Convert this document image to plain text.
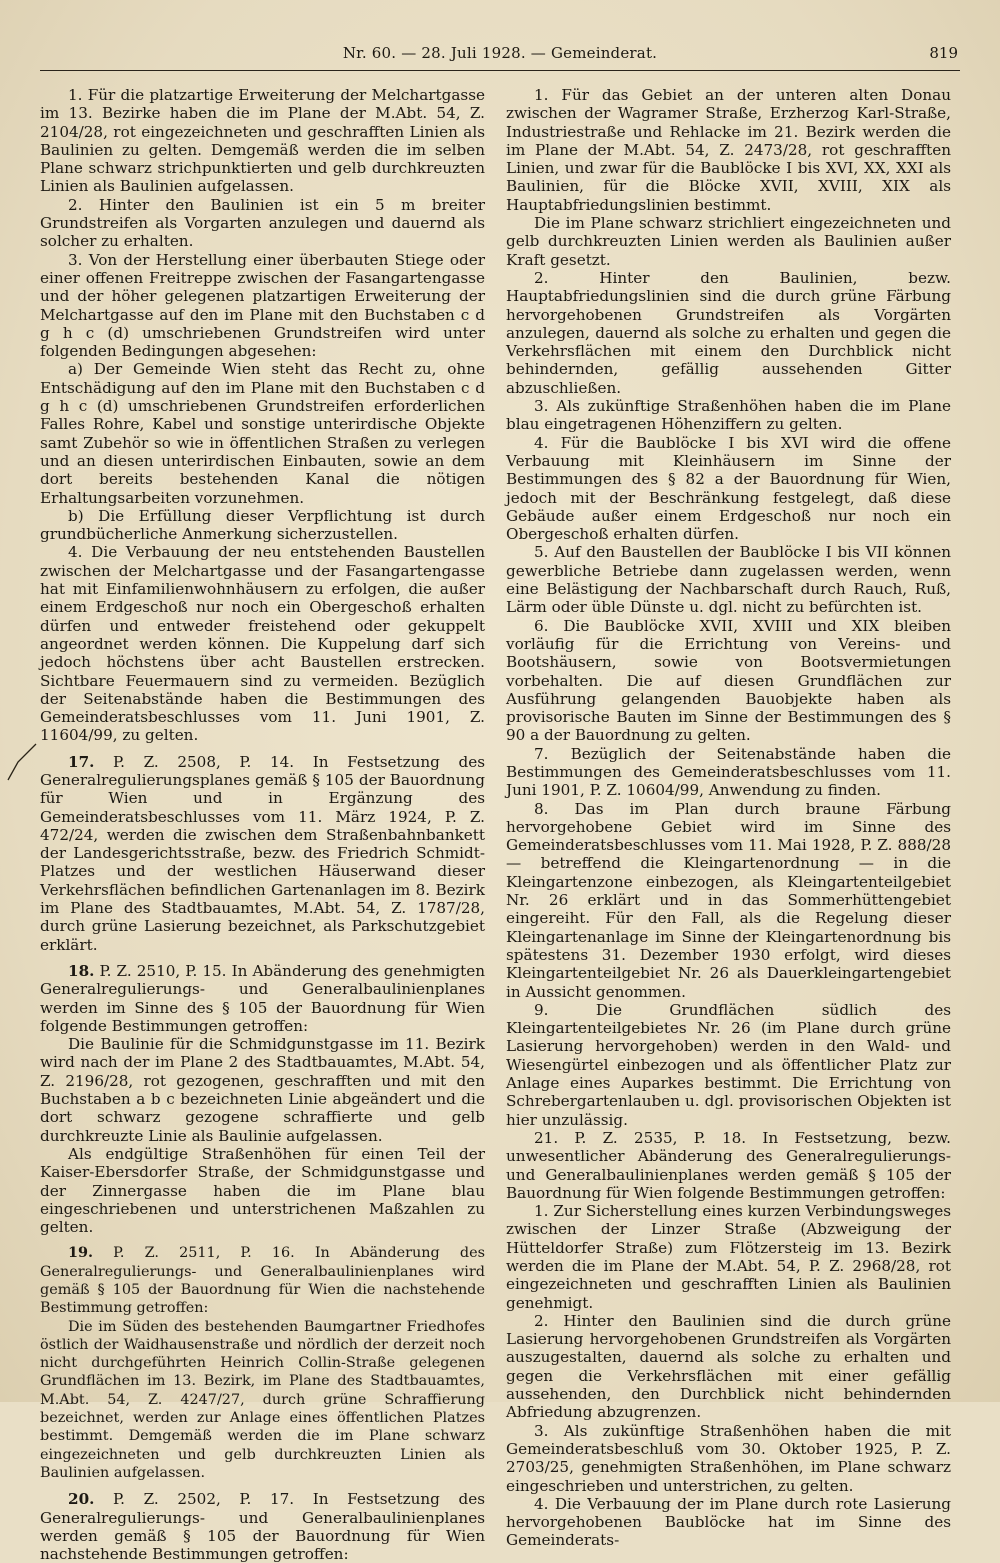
Nr. 60. — 28. Juli 1928. — Gemeinderat.	819

1. Für die platzartige Erweiterung der Melchartgasse im 13. Bezirke haben die im Plane der M.Abt. 54, Z. 2104/28, rot eingezeichneten und geschrafften Linien als Baulinien zu gelten. Demgemäß werden die im selben Plane schwarz strichpunktierten und gelb durchkreuzten Linien als Baulinien aufgelassen.

2. Hinter den Baulinien ist ein 5 m breiter Grundstreifen als Vorgarten anzulegen und dauernd als solcher zu erhalten.

3. Von der Herstellung einer überbauten Stiege oder einer offenen Freitreppe zwischen der Fasangartengasse und der höher gelegenen platzartigen Erweiterung der Melchartgasse auf den im Plane mit den Buchstaben c d g h c (d) umschriebenen Grundstreifen wird unter folgenden Bedingungen abgesehen:

a) Der Gemeinde Wien steht das Recht zu, ohne Entschädigung auf den im Plane mit den Buchstaben c d g h c (d) umschriebenen Grundstreifen erforderlichen Falles Rohre, Kabel und sonstige unterirdische Objekte samt Zubehör so wie in öffentlichen Straßen zu verlegen und an diesen unterirdischen Einbauten, sowie an dem dort bereits bestehenden Kanal die nötigen Erhaltungsarbeiten vorzunehmen.

b) Die Erfüllung dieser Verpflichtung ist durch grundbücherliche Anmerkung sicherzustellen.

4. Die Verbauung der neu entstehenden Baustellen zwischen der Melchartgasse und der Fasangartengasse hat mit Einfamilienwohnhäusern zu erfolgen, die außer einem Erdgeschoß nur noch ein Obergeschoß erhalten dürfen und entweder freistehend oder gekuppelt angeordnet werden können. Die Kuppelung darf sich jedoch höchstens über acht Baustellen erstrecken. Sichtbare Feuermauern sind zu vermeiden. Bezüglich der Seitenabstände haben die Bestimmungen des Gemeinderatsbeschlusses vom 11. Juni 1901, Z. 11604/99, zu gelten.

17. P. Z. 2508, P. 14. In Festsetzung des Generalregulierungsplanes gemäß § 105 der Bauordnung für Wien und in Ergänzung des Gemeinderatsbeschlusses vom 11. März 1924, P. Z. 472/24, werden die zwischen dem Straßenbahnbankett der Landesgerichtsstraße, bezw. des Friedrich Schmidt-Platzes und der westlichen Häuserwand dieser Verkehrsflächen befindlichen Gartenanlagen im 8. Bezirk im Plane des Stadtbauamtes, M.Abt. 54, Z. 1787/28, durch grüne Lasierung bezeichnet, als Parkschutzgebiet erklärt.

18. P. Z. 2510, P. 15. In Abänderung des genehmigten Generalregulierungs- und Generalbaulinienplanes werden im Sinne des § 105 der Bauordnung für Wien folgende Bestimmungen getroffen:

Die Baulinie für die Schmidgunstgasse im 11. Bezirk wird nach der im Plane 2 des Stadtbauamtes, M.Abt. 54, Z. 2196/28, rot gezogenen, geschrafften und mit den Buchstaben a b c bezeichneten Linie abgeändert und die dort schwarz gezogene schraffierte und gelb durchkreuzte Linie als Baulinie aufgelassen.

Als endgültige Straßenhöhen für einen Teil der Kaiser-Ebersdorfer Straße, der Schmidgunstgasse und der Zinnergasse haben die im Plane blau eingeschriebenen und unterstrichenen Maßzahlen zu gelten.

19. P. Z. 2511, P. 16. In Abänderung des Generalregulierungs- und Generalbaulinienplanes wird gemäß § 105 der Bauordnung für Wien die nachstehende Bestimmung getroffen:

Die im Süden des bestehenden Baumgartner Friedhofes östlich der Waidhausenstraße und nördlich der derzeit noch nicht durchgeführten Heinrich Collin-Straße gelegenen Grundflächen im 13. Bezirk, im Plane des Stadtbauamtes, M.Abt. 54, Z. 4247/27, durch grüne Schraffierung bezeichnet, werden zur Anlage eines öffentlichen Platzes bestimmt. Demgemäß werden die im Plane schwarz eingezeichneten und gelb durchkreuzten Linien als Baulinien aufgelassen.

20. P. Z. 2502, P. 17. In Festsetzung des Generalregulierungs- und Generalbaulinienplanes werden gemäß § 105 der Bauordnung für Wien nachstehende Bestimmungen getroffen:

1. Für das Gebiet an der unteren alten Donau zwischen der Wagramer Straße, Erzherzog Karl-Straße, Industriestraße und Rehlacke im 21. Bezirk werden die im Plane der M.Abt. 54, Z. 2473/28, rot geschrafften Linien, und zwar für die Baublöcke I bis XVI, XX, XXI als Baulinien, für die Blöcke XVII, XVIII, XIX als Hauptabfriedungslinien bestimmt.

Die im Plane schwarz strichliert eingezeichneten und gelb durchkreuzten Linien werden als Baulinien außer Kraft gesetzt.

2. Hinter den Baulinien, bezw. Hauptabfriedungslinien sind die durch grüne Färbung hervorgehobenen Grundstreifen als Vorgärten anzulegen, dauernd als solche zu erhalten und gegen die Verkehrsflächen mit einem den Durchblick nicht behindernden, gefällig aussehenden Gitter abzuschließen.

3. Als zukünftige Straßenhöhen haben die im Plane blau eingetragenen Höhenziffern zu gelten.

4. Für die Baublöcke I bis XVI wird die offene Verbauung mit Kleinhäusern im Sinne der Bestimmungen des § 82 a der Bauordnung für Wien, jedoch mit der Beschränkung festgelegt, daß diese Gebäude außer einem Erdgeschoß nur noch ein Obergeschoß erhalten dürfen.

5. Auf den Baustellen der Baublöcke I bis VII können gewerbliche Betriebe dann zugelassen werden, wenn eine Belästigung der Nachbarschaft durch Rauch, Ruß, Lärm oder üble Dünste u. dgl. nicht zu befürchten ist.

6. Die Baublöcke XVII, XVIII und XIX bleiben vorläufig für die Errichtung von Vereins- und Bootshäusern, sowie von Bootsvermietungen vorbehalten. Die auf diesen Grundflächen zur Ausführung gelangenden Bauobjekte haben als provisorische Bauten im Sinne der Bestimmungen des § 90 a der Bauordnung zu gelten.

7. Bezüglich der Seitenabstände haben die Bestimmungen des Gemeinderatsbeschlusses vom 11. Juni 1901, P. Z. 10604/99, Anwendung zu finden.

8. Das im Plan durch braune Färbung hervorgehobene Gebiet wird im Sinne des Gemeinderatsbeschlusses vom 11. Mai 1928, P. Z. 888/28 — betreffend die Kleingartenordnung — in die Kleingartenzone einbezogen, als Kleingartenteilgebiet Nr. 26 erklärt und in das Sommerhüttengebiet eingereiht. Für den Fall, als die Regelung dieser Kleingartenanlage im Sinne der Kleingartenordnung bis spätestens 31. Dezember 1930 erfolgt, wird dieses Kleingartenteilgebiet Nr. 26 als Dauerkleingartengebiet in Aussicht genommen.

9. Die Grundflächen südlich des Kleingartenteilgebietes Nr. 26 (im Plane durch grüne Lasierung hervorgehoben) werden in den Wald- und Wiesengürtel einbezogen und als öffentlicher Platz zur Anlage eines Auparkes bestimmt. Die Errichtung von Schrebergartenlauben u. dgl. provisorischen Objekten ist hier unzulässig.

21. P. Z. 2535, P. 18. In Festsetzung, bezw. unwesentlicher Abänderung des Generalregulierungs- und Generalbaulinienplanes werden gemäß § 105 der Bauordnung für Wien folgende Bestimmungen getroffen:

1. Zur Sicherstellung eines kurzen Verbindungsweges zwischen der Linzer Straße (Abzweigung der Hütteldorfer Straße) zum Flötzersteig im 13. Bezirk werden die im Plane der M.Abt. 54, P. Z. 2968/28, rot eingezeichneten und geschrafften Linien als Baulinien genehmigt.

2. Hinter den Baulinien sind die durch grüne Lasierung hervorgehobenen Grundstreifen als Vorgärten auszugestalten, dauernd als solche zu erhalten und gegen die Verkehrsflächen mit einer gefällig aussehenden, den Durchblick nicht behindernden Abfriedung abzugrenzen.

3. Als zukünftige Straßenhöhen haben die mit Gemeinderatsbeschluß vom 30. Oktober 1925, P. Z. 2703/25, genehmigten Straßenhöhen, im Plane schwarz eingeschrieben und unterstrichen, zu gelten.

4. Die Verbauung der im Plane durch rote Lasierung hervorgehobenen Baublöcke hat im Sinne des Gemeinderats-
